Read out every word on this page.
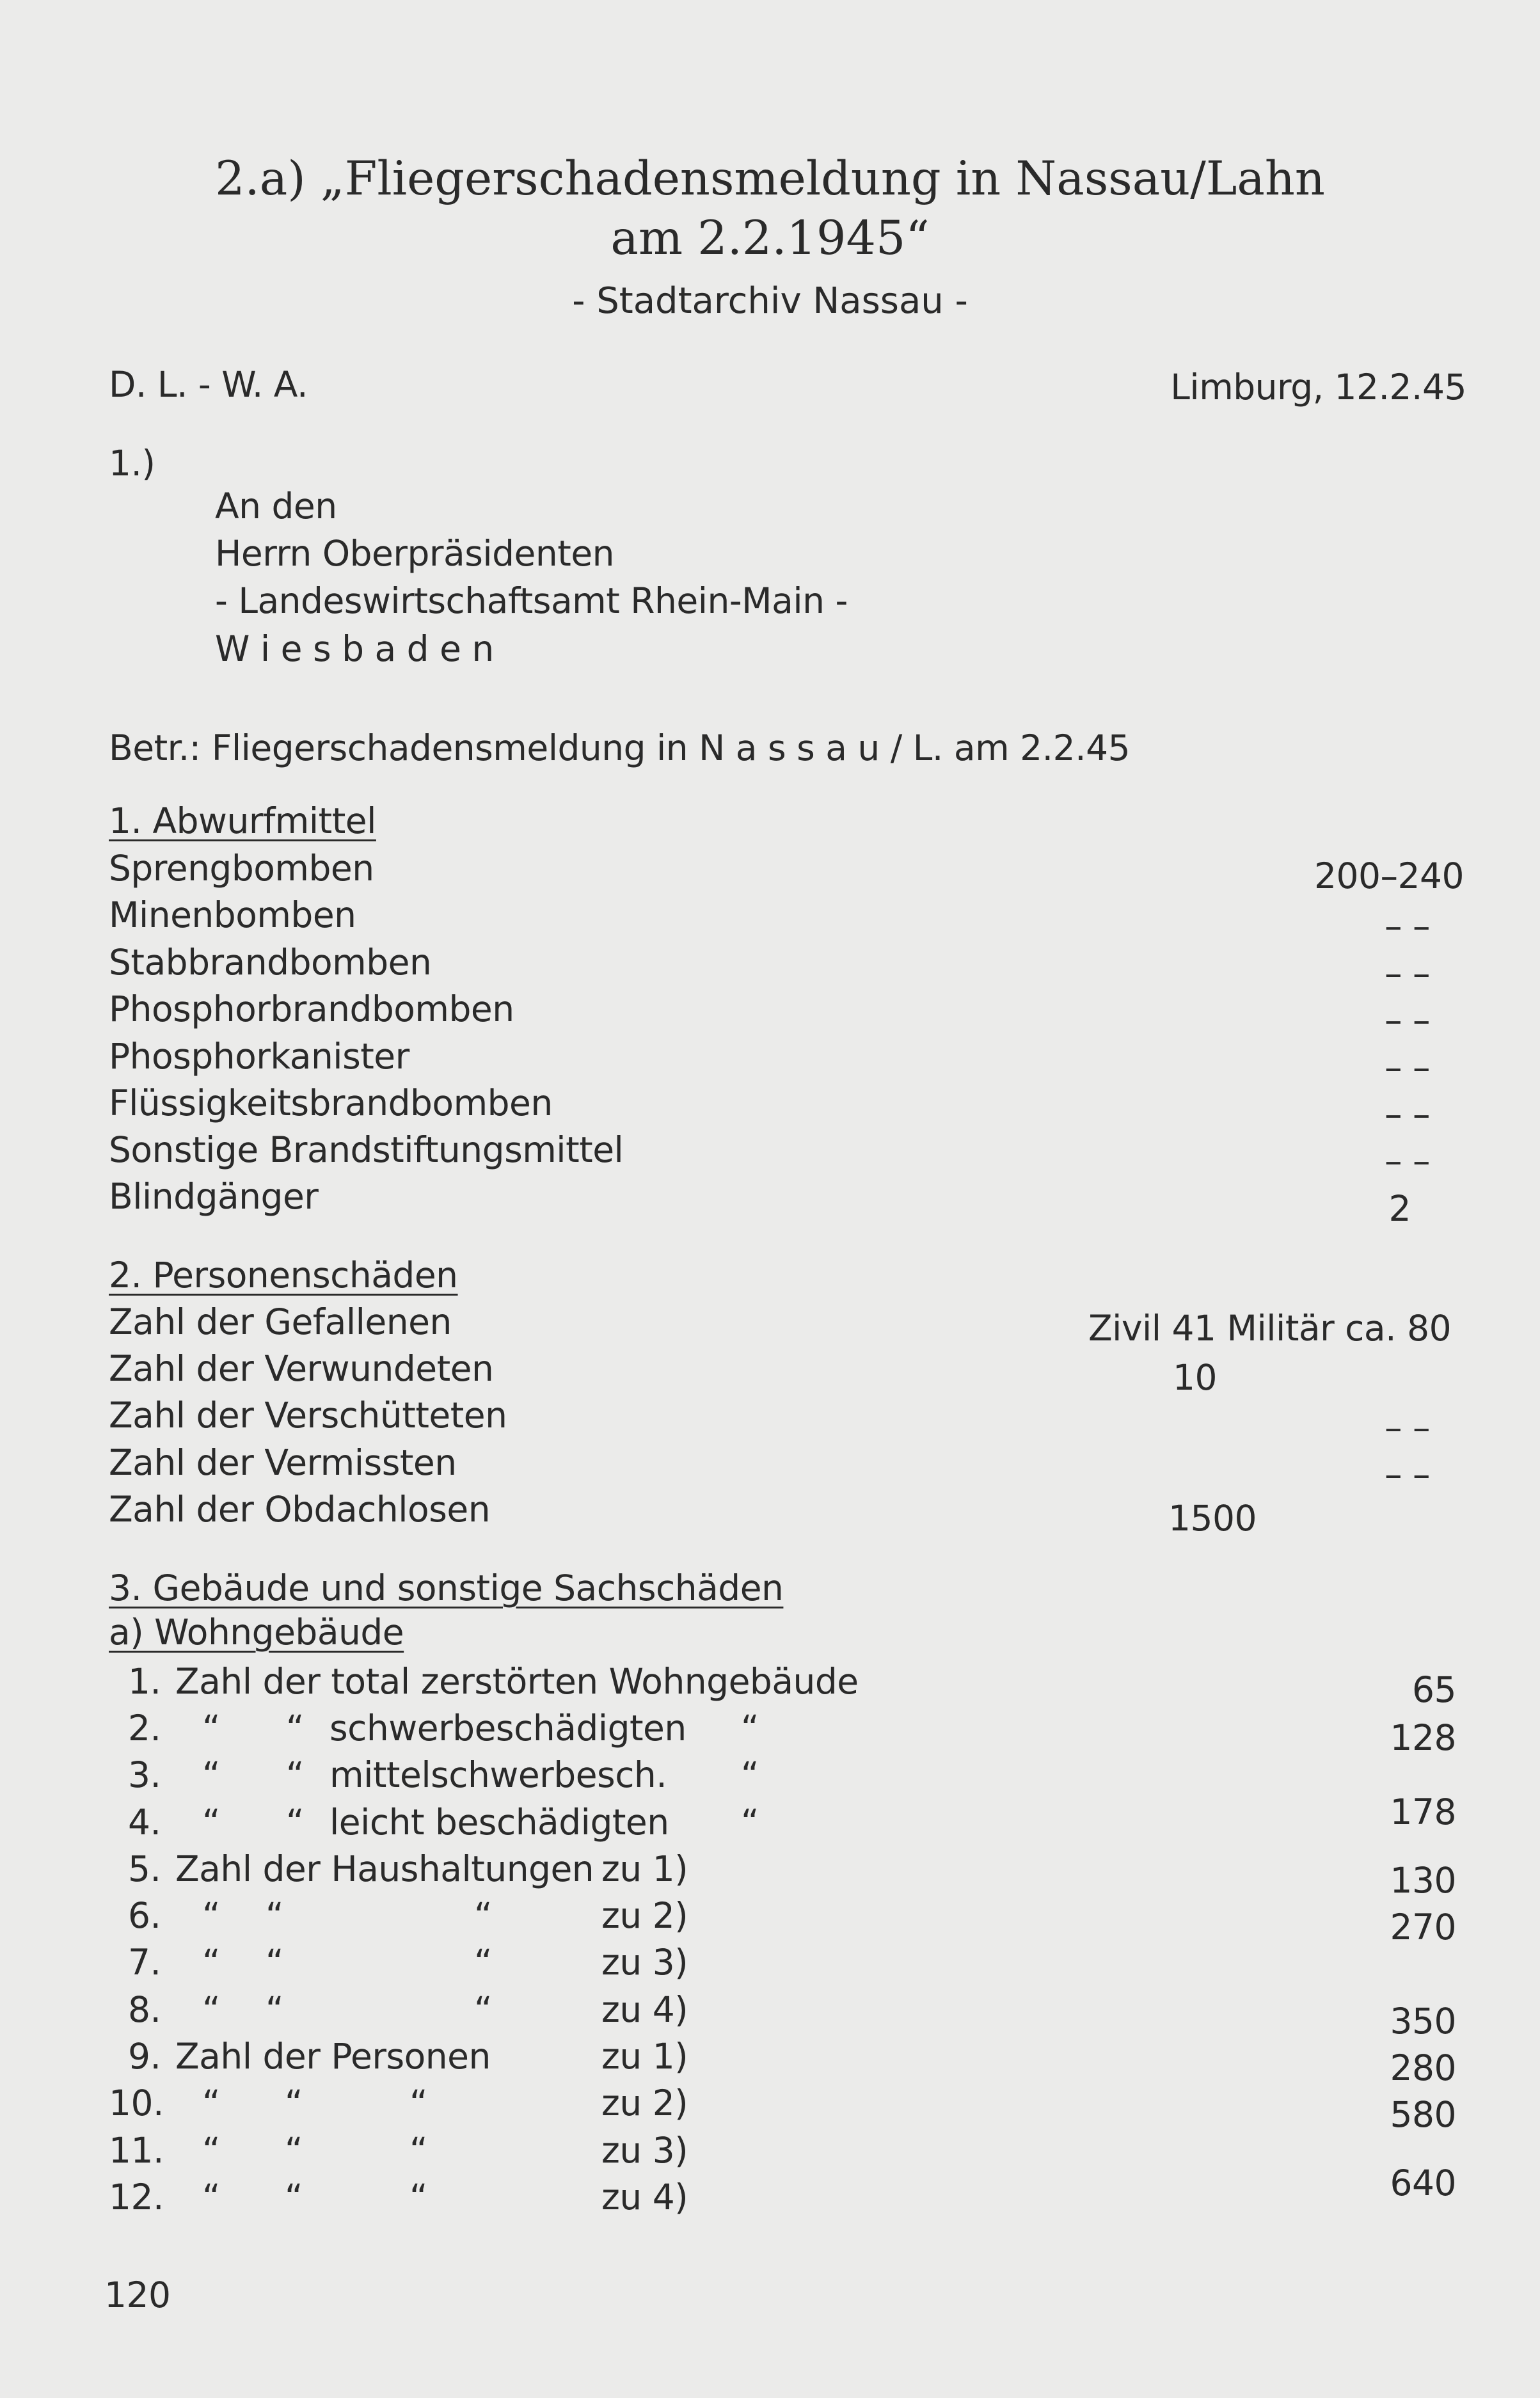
2.a) „Fliegerschadensmeldung in Nassau/Lahn
am 2.2.1945“
- Stadtarchiv Nassau -
D. L. - W. A.	Limburg, 12.2.45
1.)
An den
Herrn Oberpräsidenten
- Landeswirtschaftsamt Rhein-Main -
W i e s b a d e n
Betr.: Fliegerschadensmeldung in N a s s a u / L. am 2.2.45
1. Abwurfmittel
Sprengbomben	200–240
Minenbomben	– –
Stabbrandbomben	– –
Phosphorbrandbomben	– –
Phosphorkanister	– –
Flüssigkeitsbrandbomben	– –
Sonstige Brandstiftungsmittel	– –
Blindgänger	2
2. Personenschäden
Zahl der Gefallenen	Zivil 41 Militär ca. 80
Zahl der Verwundeten	10
Zahl der Verschütteten	– –
Zahl der Vermissten	– –
Zahl der Obdachlosen	1500
3. Gebäude und sonstige Sachschäden
a) Wohngebäude
1. Zahl der total zerstörten Wohngebäude	65
2. “ “ schwerbeschädigten “	128
3. “ “ mittelschwerbesch. “
4. “ “ leicht beschädigten “	178
5. Zahl der Haushaltungen zu 1)	130
6. “ “	“	zu 2)	270
7. “ “	“	zu 3)
8. “ “	“	zu 4)	350
9. Zahl der Personen	zu 1)	280
10. “ “	“	zu 2)	580
11. “ “	“	zu 3)
12. “ “	“	zu 4)	640
120
